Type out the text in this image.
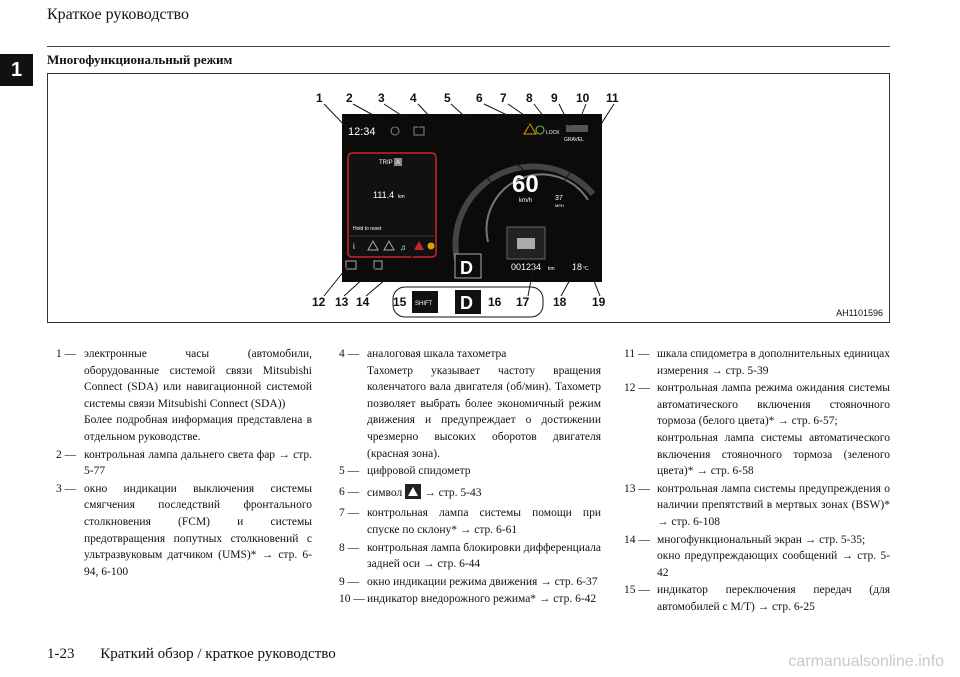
Краткое руководство
1	Многофункциональный режим
12:34	LOCK
GRAVEL
TRIP A
111.4 km
Hold to reset
i	♫
60
km/h	37
MPH
001234 km 18 °C
D
SHIFT D
1 2 3 4 5 6 7 8 9 10 11
12 13 14 15	16 17 18 19
AH1101596
1 — электронные часы (автомобили, оборудованные системой связи Mitsubishi Connect (SDA) или навигационной системой системы связи Mitsubishi Connect (SDA))
Более подробная информация представлена в отдельном руководстве.
2 — контрольная лампа дальнего света фар → стр. 5-77
3 — окно индикации выключения системы смягчения последствий фронтального столкновения (FCM) и системы предотвращения попутных столкновений с ультразвуковым датчиком (UMS)* → стр. 6-94, 6-100
4 — аналоговая шкала тахометра
Тахометр указывает частоту вращения коленчатого вала двигателя (об/мин). Тахометр позволяет выбрать более экономичный режим движения и предупреждает о достижении чрезмерно высоких оборотов двигателя (красная зона).
5 — цифровой спидометр
6 — символ → стр. 5-43
7 — контрольная лампа системы помощи при спуске по склону* → стр. 6-61
8 — контрольная лампа блокировки дифференциала задней оси → стр. 6-44
9 — окно индикации режима движения → стр. 6-37
10 — индикатор внедорожного режима* → стр. 6-42
11 — шкала спидометра в дополнительных единицах измерения → стр. 5-39
12 — контрольная лампа режима ожидания системы автоматического включения стояночного тормоза (белого цвета)* → стр. 6-57;
контрольная лампа системы автоматического включения стояночного тормоза (зеленого цвета)* → стр. 6-58
13 — контрольная лампа системы предупреждения о наличии препятствий в мертвых зонах (BSW)* → стр. 6-108
14 — многофункциональный экран → стр. 5-35;
окно предупреждающих сообщений → стр. 5-42
15 — индикатор переключения передач (для автомобилей с М/Т) → стр. 6-25
1-23 Краткий обзор / краткое руководство	carmanualsonline.info
